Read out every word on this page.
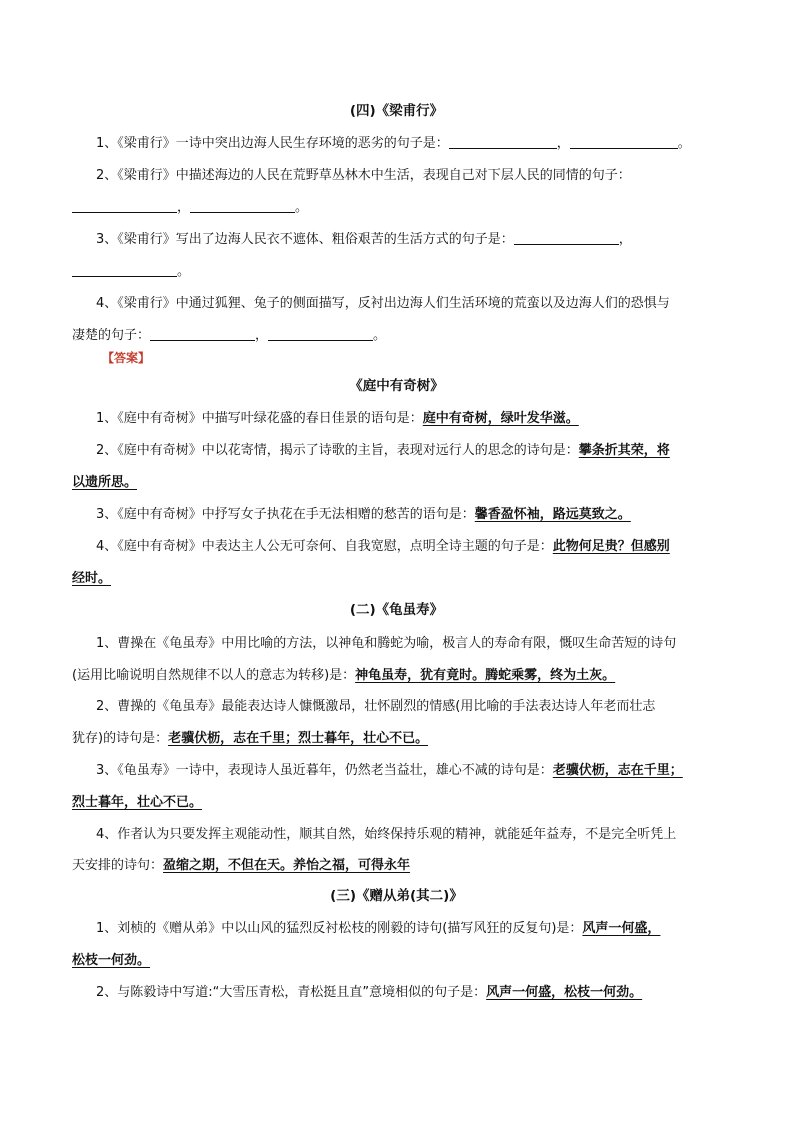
(四)《梁甫行》
1、《梁甫行》一诗中突出边海人民生存环境的恶劣的句子是：	，	。
2、《梁甫行》中描述海边的人民在荒野草丛林木中生活，表现自己对下层人民的同情的句子：
，	。
3、《梁甫行》写出了边海人民衣不遮体、粗俗艰苦的生活方式的句子是：	，
。
4、《梁甫行》中通过狐狸、兔子的侧面描写，反衬出边海人们生活环境的荒蛮以及边海人们的恐惧与
凄楚的句子：	，	。
【答案】
《庭中有奇树》
1、《庭中有奇树》中描写叶绿花盛的春日佳景的语句是：庭中有奇树，绿叶发华滋。
2、《庭中有奇树》中以花寄情，揭示了诗歌的主旨，表现对远行人的思念的诗句是：攀条折其荣，将
以遗所思。
3、《庭中有奇树》中抒写女子执花在手无法相赠的愁苦的语句是：馨香盈怀袖，路远莫致之。
4、《庭中有奇树》中表达主人公无可奈何、自我宽慰，点明全诗主题的句子是：此物何足贵？但感别
经时。
(二)《龟虽寿》
1、曹操在《龟虽寿》中用比喻的方法，以神龟和腾蛇为喻，极言人的寿命有限，慨叹生命苦短的诗句
(运用比喻说明自然规律不以人的意志为转移)是：神龟虽寿，犹有竟时。腾蛇乘雾，终为土灰。
2、曹操的《龟虽寿》最能表达诗人慷慨激昂，壮怀剧烈的情感(用比喻的手法表达诗人年老而壮志
犹存)的诗句是：老骥伏枥，志在千里；烈士暮年，壮心不已。
3、《龟虽寿》一诗中，表现诗人虽近暮年，仍然老当益壮，雄心不减的诗句是：老骥伏枥，志在千里；
烈士暮年，壮心不已。
4、作者认为只要发挥主观能动性，顺其自然，始终保持乐观的精神，就能延年益寿，不是完全听凭上
天安排的诗句：盈缩之期，不但在天。养怡之福，可得永年
(三)《赠从弟(其二)》
1、刘桢的《赠从弟》中以山风的猛烈反衬松枝的刚毅的诗句(描写风狂的反复句)是：风声一何盛，
松枝一何劲。
2、与陈毅诗中写道:“大雪压青松，青松挺且直”意境相似的句子是：风声一何盛，松枝一何劲。
